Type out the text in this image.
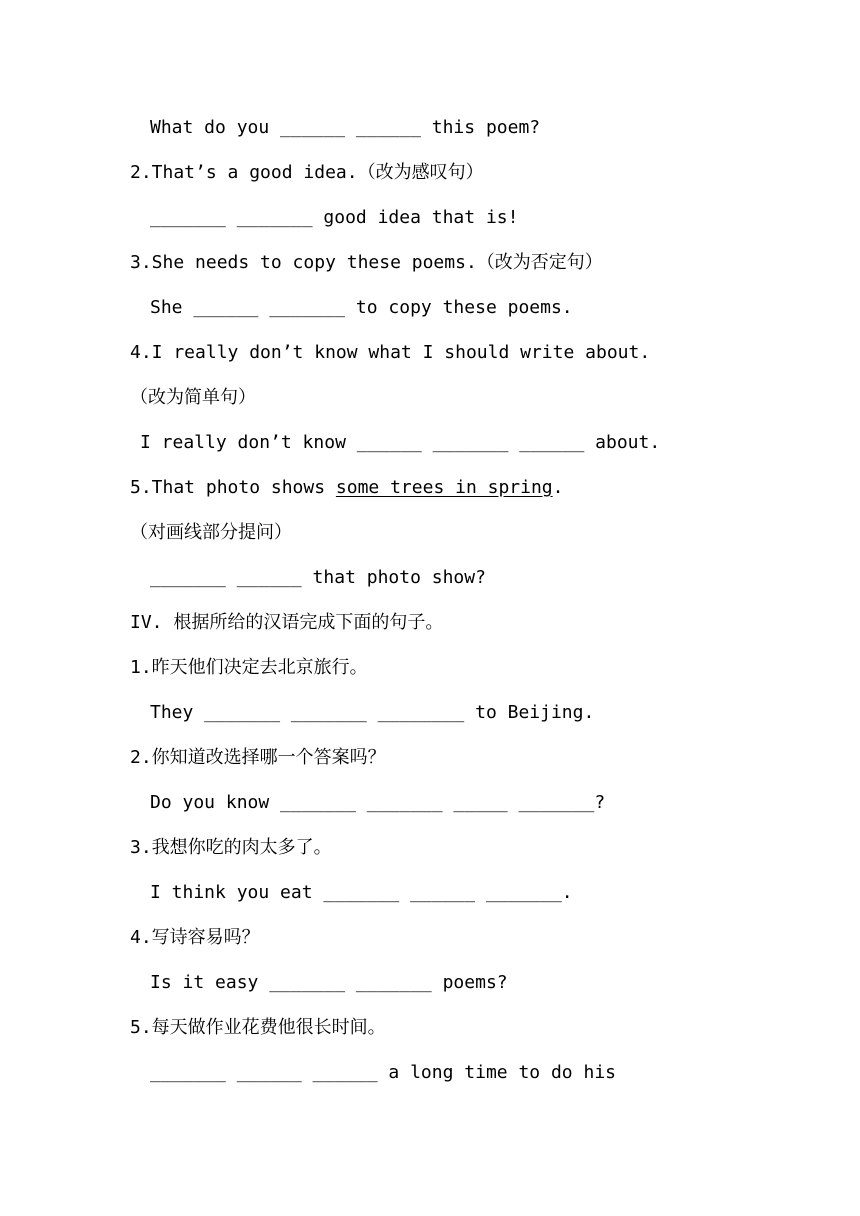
What do you ______ ______ this poem?
2.That’s a good idea.（改为感叹句）
_______ _______ good idea that is!
3.She needs to copy these poems.（改为否定句）
She ______ _______ to copy these poems.
4.I really don’t know what I should write about.
（改为简单句）
I really don’t know ______ _______ ______ about.
5.That photo shows some trees in spring.
（对画线部分提问）
_______ ______ that photo show?
IV. 根据所给的汉语完成下面的句子。
1.昨天他们决定去北京旅行。
They _______ _______ ________ to Beijing.
2.你知道改选择哪一个答案吗？
Do you know _______ _______ _____ _______?
3.我想你吃的肉太多了。
I think you eat _______ ______ _______.
4.写诗容易吗？
Is it easy _______ _______ poems?
5.每天做作业花费他很长时间。
_______ ______ ______ a long time to do his
